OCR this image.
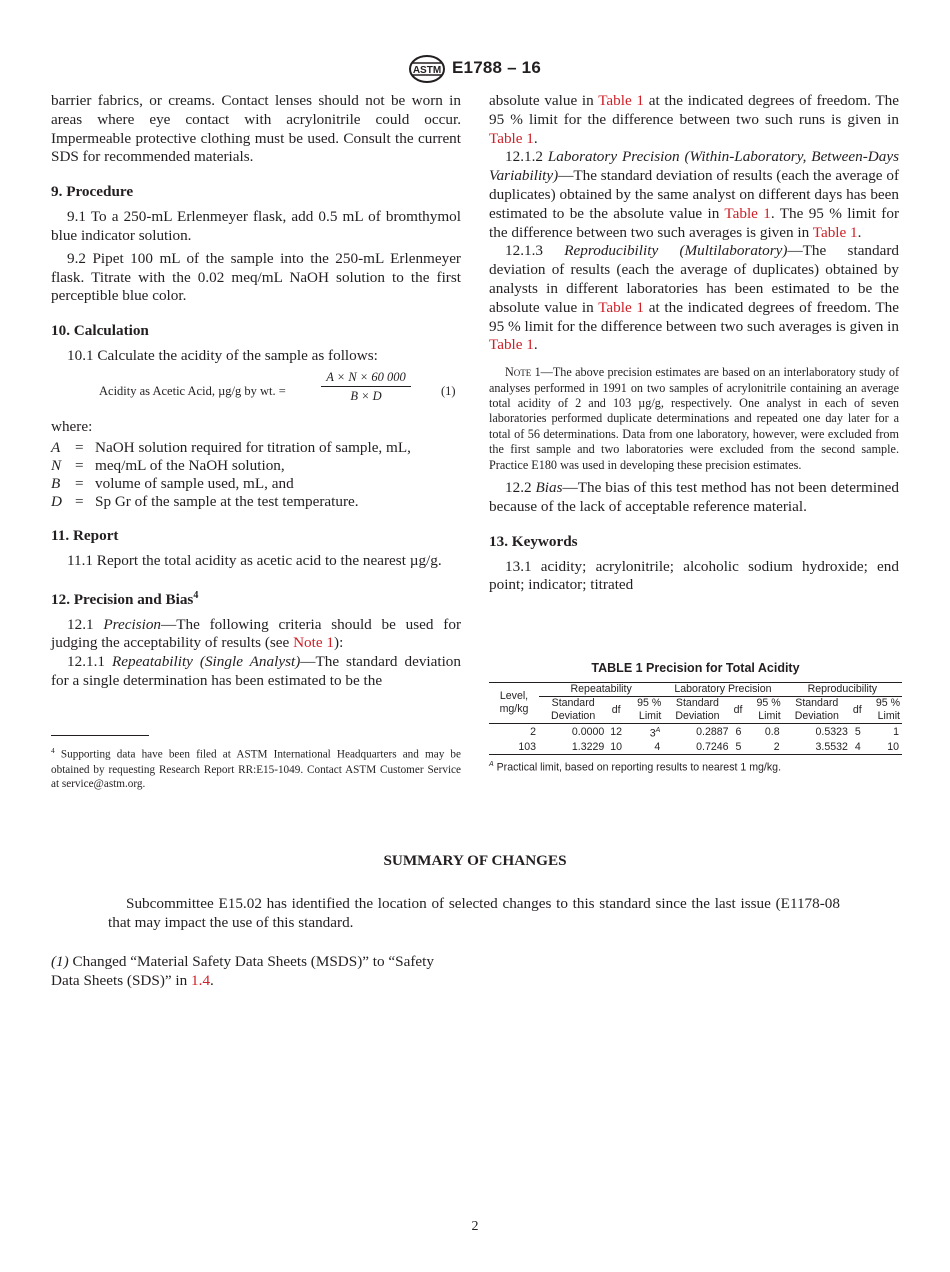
ASTM E1788 – 16

barrier fabrics, or creams. Contact lenses should not be worn in areas where eye contact with acrylonitrile could occur. Impermeable protective clothing must be used. Consult the current SDS for recommended materials.

9. Procedure

9.1 To a 250-mL Erlenmeyer flask, add 0.5 mL of bromthymol blue indicator solution.

9.2 Pipet 100 mL of the sample into the 250-mL Erlenmeyer flask. Titrate with the 0.02 meq/mL NaOH solution to the first perceptible blue color.

10. Calculation

10.1 Calculate the acidity of the sample as follows:

Acidity as Acetic Acid, µg/g by wt. =	$\frac{A \times N \times 60 000}{B \times D} (1)$

where:

A	=	NaOH solution required for titration of sample, mL,
N	=	meq/mL of the NaOH solution,
B	=	volume of sample used, mL, and
D	=	Sp Gr of the sample at the test temperature.
11. Report

11.1 Report the total acidity as acetic acid to the nearest µg/g.

12. Precision and Bias$^4$

12.1 Precision—The following criteria should be used for judging the acceptability of results (see Note 1):

12.1.1 Repeatability (Single Analyst)—The standard deviation for a single determination has been estimated to be the

$^4$ Supporting data have been filed at ASTM International Headquarters and may be obtained by requesting Research Report RR:E15-1049. Contact ASTM Customer Service at service@astm.org.

absolute value in Table 1 at the indicated degrees of freedom. The 95 % limit for the difference between two such runs is given in Table 1.

12.1.2 Laboratory Precision (Within-Laboratory, Between-Days Variability)—The standard deviation of results (each the average of duplicates) obtained by the same analyst on different days has been estimated to be the absolute value in Table 1. The 95 % limit for the difference between two such averages is given in Table 1.

12.1.3 Reproducibility (Multilaboratory)—The standard deviation of results (each the average of duplicates) obtained by analysts in different laboratories has been estimated to be the absolute value in Table 1 at the indicated degrees of freedom. The 95 % limit for the difference between two such averages is given in Table 1.

Note 1—The above precision estimates are based on an interlaboratory study of analyses performed in 1991 on two samples of acrylonitrile containing an average total acidity of 2 and 103 µg/g, respectively. One analyst in each of seven laboratories performed duplicate determinations and repeated one day later for a total of 56 determinations. Data from one laboratory, however, were excluded from the first sample and two laboratories were excluded from the second sample. Practice E180 was used in developing these precision estimates.

12.2 Bias—The bias of this test method has not been determined because of the lack of acceptable reference material.

13. Keywords

13.1 acidity; acrylonitrile; alcoholic sodium hydroxide; end point; indicator; titrated

TABLE 1 Precision for Total Acidity
Level, mg/kg	Repeatability			Laboratory Precision			Reproducibility		
	Standard Deviation	df	95 % Limit	Standard Deviation	df	95 % Limit	Standard Deviation	df	95 % Limit
2	0.0000	12	$3^A$	0.2887	6	0.8	0.5323	5	1
103	1.3229	10	4	0.7246	5	2	3.5532	4	10
$^A$ Practical limit, based on reporting results to nearest 1 mg/kg.
SUMMARY OF CHANGES
Subcommittee E15.02 has identified the location of selected changes to this standard since the last issue (E1178-08 that may impact the use of this standard.
(1) Changed “Material Safety Data Sheets (MSDS)” to “Safety Data Sheets (SDS)” in 1.4.
2
